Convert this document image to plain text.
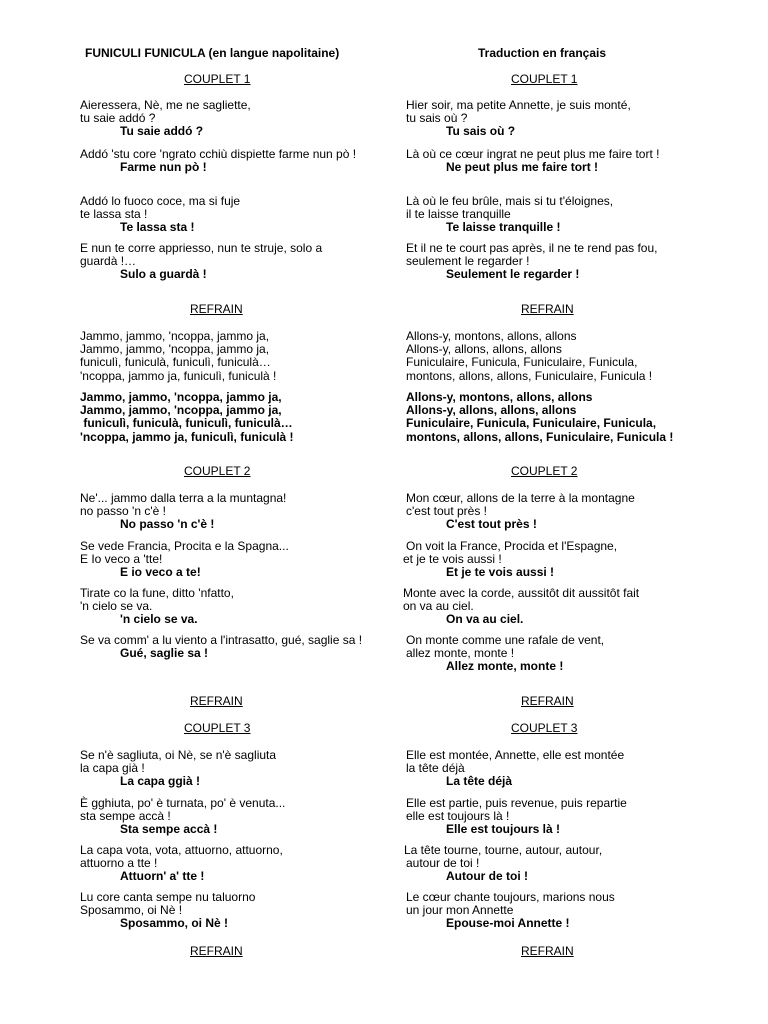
FUNICULI FUNICULA (en langue napolitaine)
COUPLET 1
Aieressera, Nè, me ne sagliette,
tu saie addó ?
Tu saie addó ?
Addó 'stu core 'ngrato cchiù dispiette farme nun pò !
Farme nun pò !
Addó lo fuoco coce, ma si fuje
te lassa sta !
Te lassa sta !
E nun te corre appriesso, nun te struje, solo a guardà !…
Sulo a guardà !
REFRAIN
Jammo, jammo, 'ncoppa, jammo ja,
Jammo, jammo, 'ncoppa, jammo ja,
funiculì, funiculà, funiculì, funiculà…
'ncoppa, jammo ja, funiculì, funiculà !
Jammo, jammo, 'ncoppa, jammo ja,
Jammo, jammo, 'ncoppa, jammo ja,
funiculì, funiculà, funiculì, funiculà…
'ncoppa, jammo ja, funiculì, funiculà !
COUPLET 2
Ne'... jammo dalla terra a la muntagna!
no passo 'n c'è !
No passo 'n c'è !
Se vede Francia, Procita e la Spagna...
E Io veco a 'tte!
E io veco a te!
Tirate co la fune, ditto 'nfatto,
'n cielo se va.
'n cielo se va.
Se va comm' a lu viento a l'intrasatto, gué, saglie sa !
Gué, saglie sa !
REFRAIN
COUPLET 3
Se n'è sagliuta, oi Nè, se n'è sagliuta
la capa già !
La capa ggià !
È gghiuta, po' è turnata, po' è venuta...
sta sempe accà !
Sta sempe accà !
La capa vota, vota, attuorno, attuorno,
attuorno a tte !
Attuorn' a' tte !
Lu core canta sempe nu taluorno
Sposammo, oi Nè !
Sposammo, oi Nè !
REFRAIN
Traduction en français
COUPLET 1
Hier soir, ma petite Annette, je suis monté,
tu sais où ?
Tu sais où ?
Là où ce cœur ingrat ne peut plus me faire tort !
Ne peut plus me faire tort !
Là où le feu brûle, mais si tu t'éloignes,
il te laisse tranquille
Te laisse tranquille !
Et il ne te court pas après, il ne te rend pas fou,
seulement le regarder !
Seulement le regarder !
REFRAIN
Allons-y, montons, allons, allons
Allons-y, allons, allons, allons
Funiculaire, Funicula, Funiculaire, Funicula,
montons, allons, allons, Funiculaire, Funicula !
Allons-y, montons, allons, allons
Allons-y, allons, allons, allons
Funiculaire, Funicula, Funiculaire, Funicula,
montons, allons, allons, Funiculaire, Funicula !
COUPLET 2
Mon cœur, allons de la terre à la montagne
c'est tout près !
C'est tout près !
On voit la France, Procida et l'Espagne,
et je te vois aussi !
Et je te vois aussi !
Monte avec la corde, aussitôt dit aussitôt fait
on va au ciel.
On va au ciel.
On monte comme une rafale de vent,
allez monte, monte !
Allez monte, monte !
REFRAIN
COUPLET 3
Elle est montée, Annette, elle est montée
la tête déjà
La tête déjà
Elle est partie, puis revenue, puis repartie
elle est toujours là !
Elle est toujours là !
La tête tourne, tourne, autour, autour,
autour de toi !
Autour de toi !
Le cœur chante toujours, marions nous
un jour mon Annette
Epouse-moi Annette !
REFRAIN
